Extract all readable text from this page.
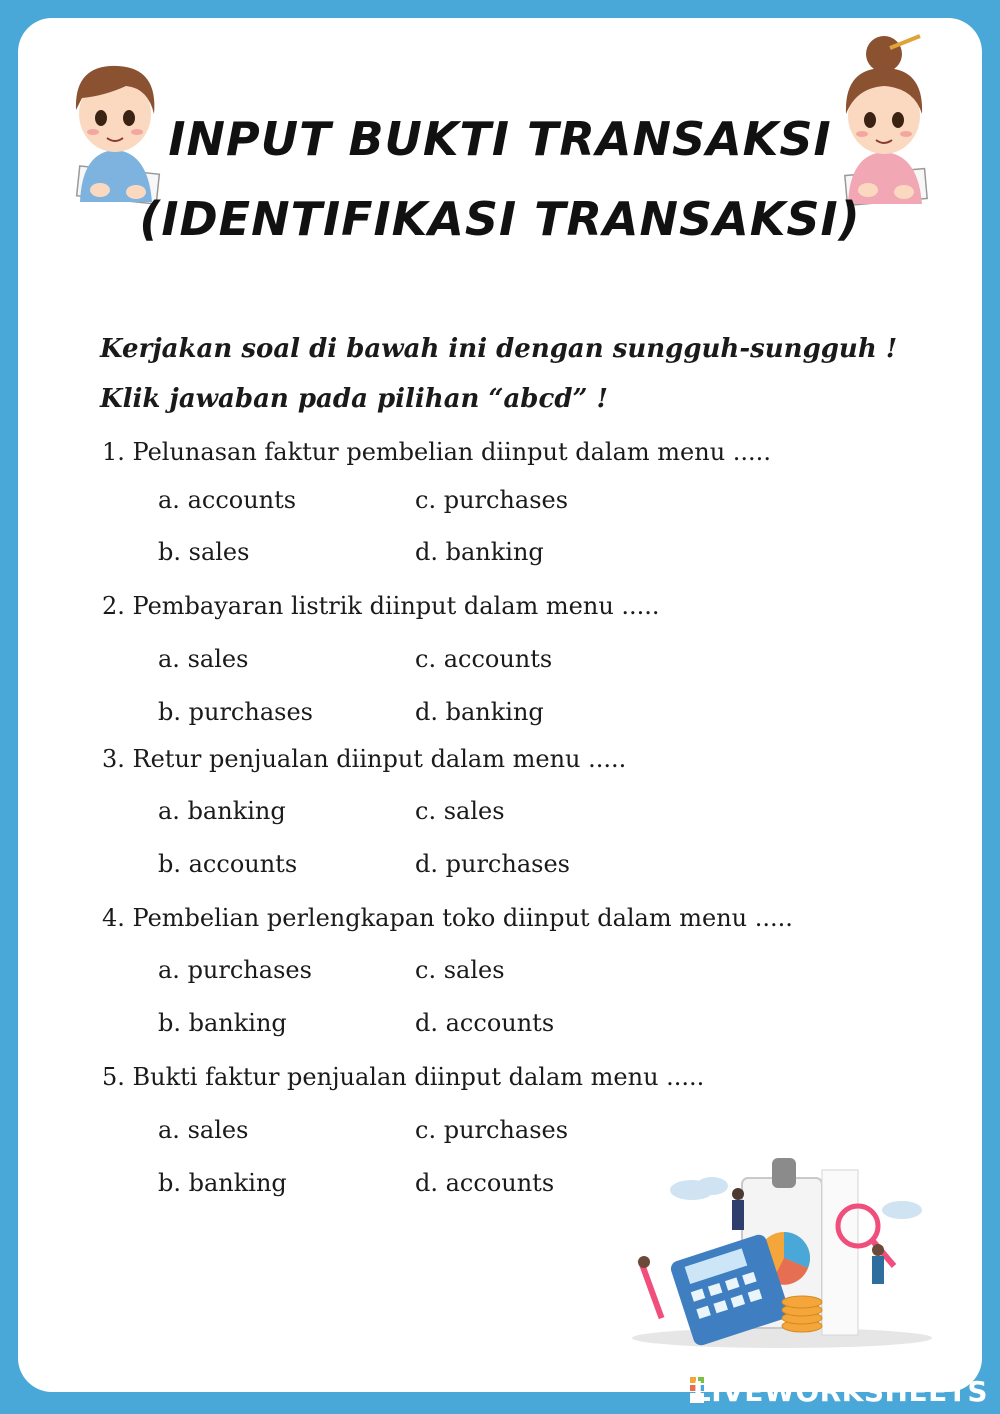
INPUT BUKTI TRANSAKSI
(IDENTIFIKASI TRANSAKSI)
Kerjakan soal di bawah ini dengan sungguh-sungguh !
Klik jawaban pada pilihan “abcd” !
1. Pelunasan faktur pembelian diinput dalam menu .....
a. accounts	c. purchases
b. sales	d. banking
2. Pembayaran listrik diinput dalam menu .....
a. sales	c. accounts
b. purchases	d. banking
3. Retur penjualan diinput dalam menu .....
a. banking	c. sales
b. accounts	d. purchases
4. Pembelian perlengkapan toko diinput dalam menu .....
a. purchases	c. sales
b. banking	d. accounts
5. Bukti faktur penjualan diinput dalam menu .....
a. sales	c. purchases
b. banking	d. accounts
LIVEWORKSHEETS
